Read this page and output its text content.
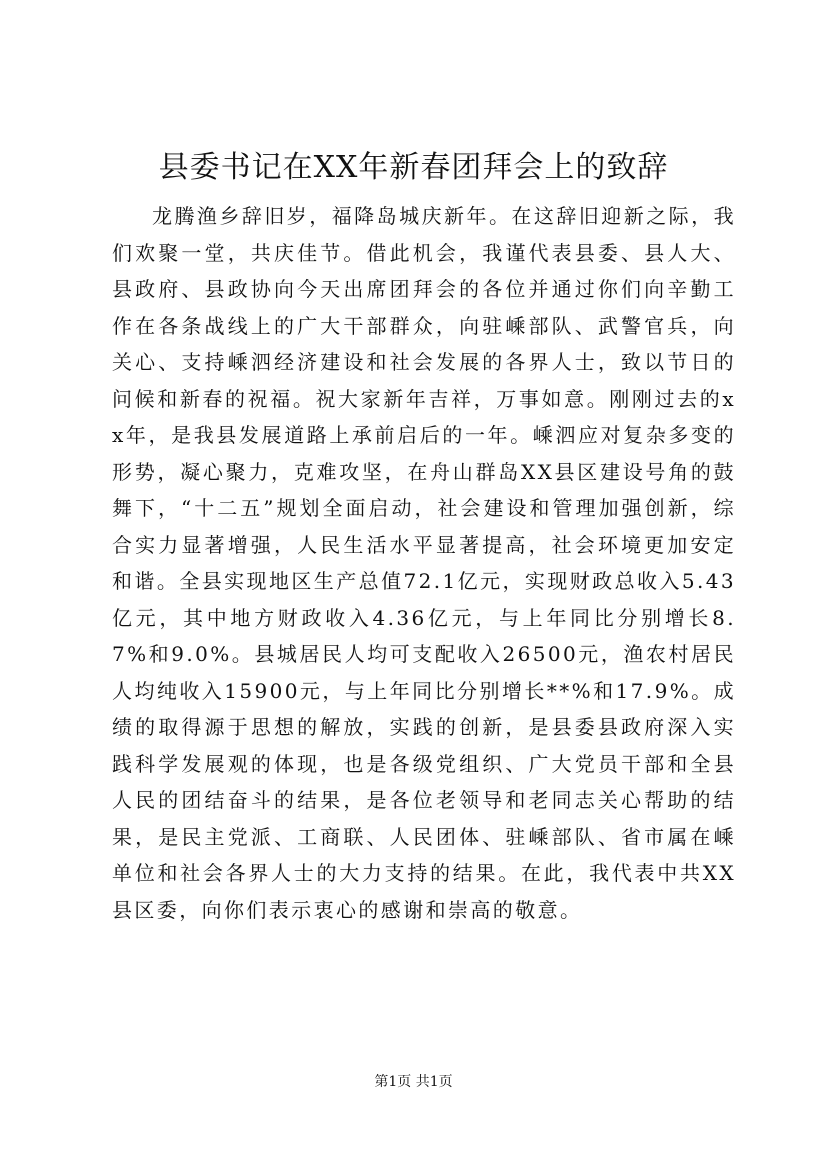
县委书记在XX年新春团拜会上的致辞

龙腾渔乡辞旧岁，福降岛城庆新年。在这辞旧迎新之际，我们欢聚一堂，共庆佳节。借此机会，我谨代表县委、县人大、县政府、县政协向今天出席团拜会的各位并通过你们向辛勤工作在各条战线上的广大干部群众，向驻嵊部队、武警官兵，向关心、支持嵊泗经济建设和社会发展的各界人士，致以节日的问候和新春的祝福。祝大家新年吉祥，万事如意。刚刚过去的xx年，是我县发展道路上承前启后的一年。嵊泗应对复杂多变的形势，凝心聚力，克难攻坚，在舟山群岛XX县区建设号角的鼓舞下，“十二五”规划全面启动，社会建设和管理加强创新，综合实力显著增强，人民生活水平显著提高，社会环境更加安定和谐。全县实现地区生产总值72.1亿元，实现财政总收入5.43亿元，其中地方财政收入4.36亿元，与上年同比分别增长8.7%和9.0%。县城居民人均可支配收入26500元，渔农村居民人均纯收入15900元，与上年同比分别增长**%和17.9%。成绩的取得源于思想的解放，实践的创新，是县委县政府深入实践科学发展观的体现，也是各级党组织、广大党员干部和全县人民的团结奋斗的结果，是各位老领导和老同志关心帮助的结果，是民主党派、工商联、人民团体、驻嵊部队、省市属在嵊单位和社会各界人士的大力支持的结果。在此，我代表中共XX县区委，向你们表示衷心的感谢和崇高的敬意。

第1页 共1页
